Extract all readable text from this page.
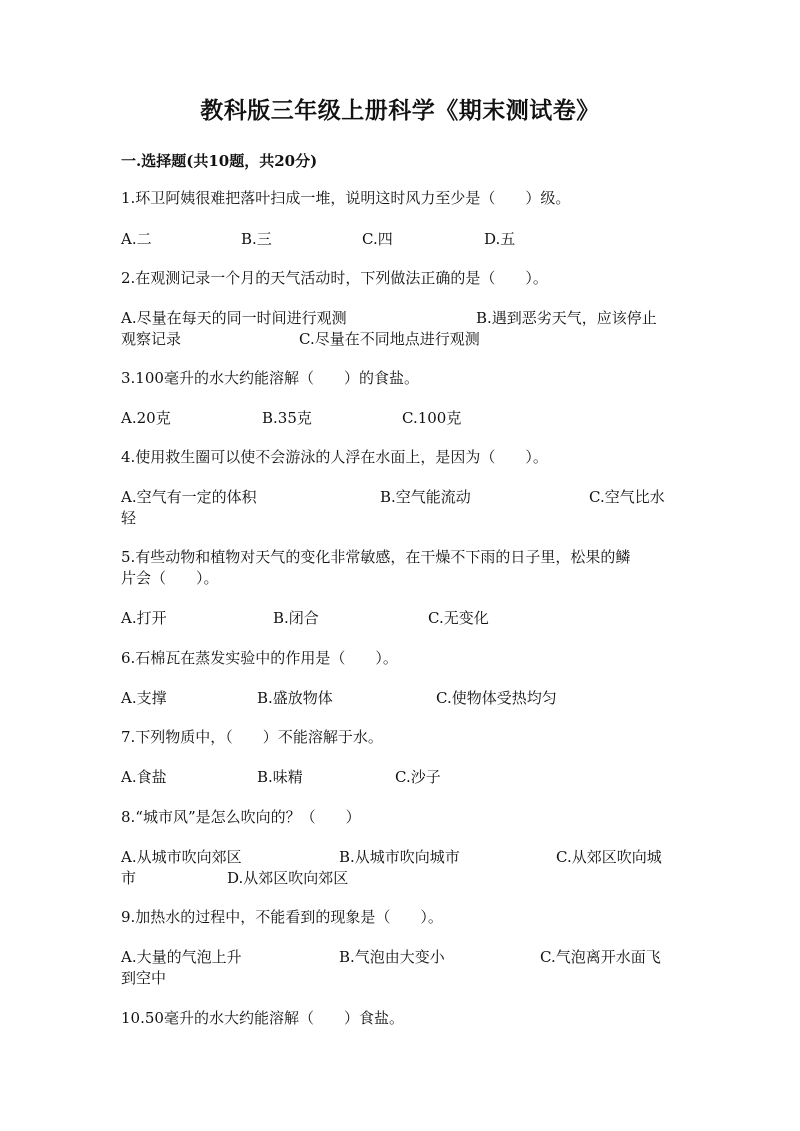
教科版三年级上册科学《期末测试卷》
一.选择题(共10题，共20分)
1.环卫阿姨很难把落叶扫成一堆，说明这时风力至少是（　　）级。
A.二	B.三	C.四	D.五
2.在观测记录一个月的天气活动时，下列做法正确的是（　　）。
A.尽量在每天的同一时间进行观测	B.遇到恶劣天气，应该停止
观察记录	C.尽量在不同地点进行观测
3.100毫升的水大约能溶解（　　）的食盐。
A.20克	B.35克	C.100克
4.使用救生圈可以使不会游泳的人浮在水面上，是因为（　　）。
A.空气有一定的体积	B.空气能流动	C.空气比水
轻
5.有些动物和植物对天气的变化非常敏感，在干燥不下雨的日子里，松果的鳞
片会（　　）。
A.打开	B.闭合	C.无变化
6.石棉瓦在蒸发实验中的作用是（　　）。
A.支撑	B.盛放物体	C.使物体受热均匀
7.下列物质中，（　　）不能溶解于水。
A.食盐	B.味精	C.沙子
8.“城市风”是怎么吹向的？（　　）
A.从城市吹向郊区	B.从城市吹向城市	C.从郊区吹向城
市	D.从郊区吹向郊区
9.加热水的过程中，不能看到的现象是（　　）。
A.大量的气泡上升	B.气泡由大变小	C.气泡离开水面飞
到空中
10.50毫升的水大约能溶解（　　）食盐。
